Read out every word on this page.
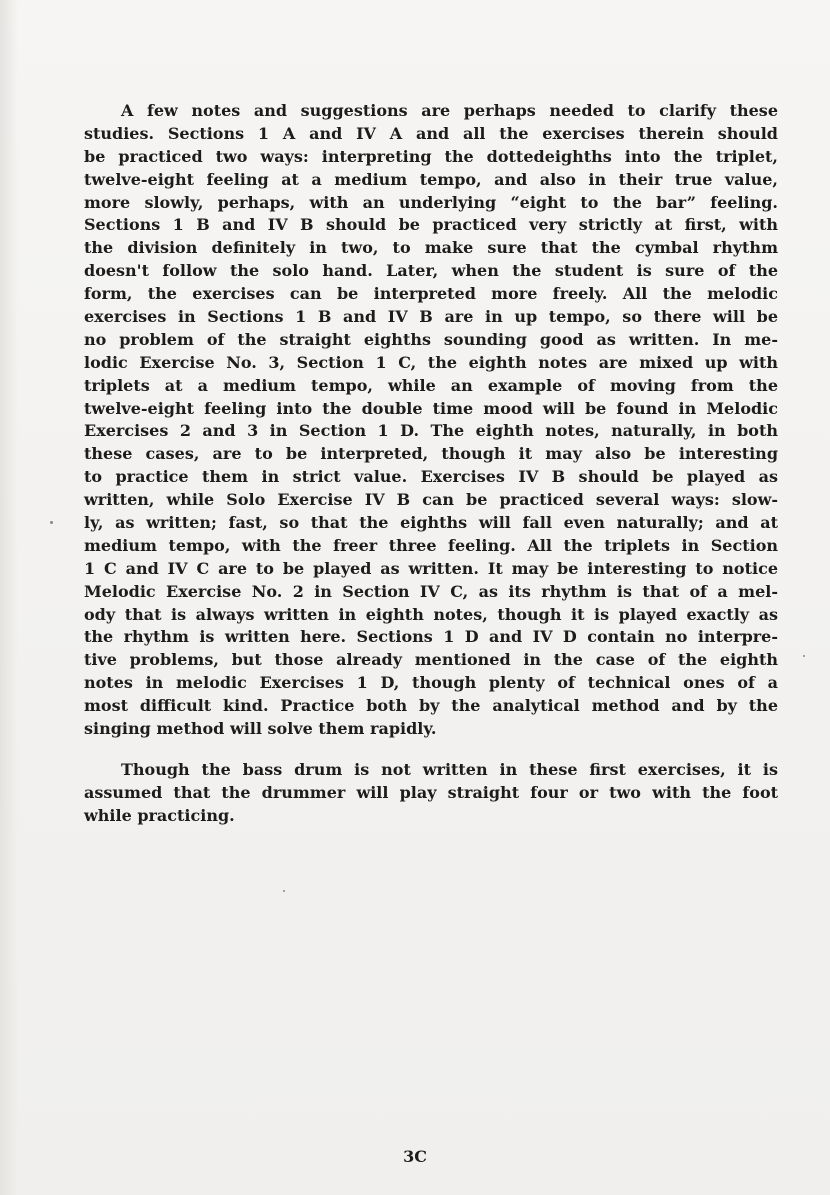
A few notes and suggestions are perhaps needed to clarify these
studies. Sections 1 A and IV A and all the exercises therein should
be practiced two ways: interpreting the dottedeighths into the triplet,
twelve-eight feeling at a medium tempo, and also in their true value,
more slowly, perhaps, with an underlying “eight to the bar” feeling.
Sections 1 B and IV B should be practiced very strictly at first, with
the division definitely in two, to make sure that the cymbal rhythm
doesn't follow the solo hand. Later, when the student is sure of the
form, the exercises can be interpreted more freely. All the melodic
exercises in Sections 1 B and IV B are in up tempo, so there will be
no problem of the straight eighths sounding good as written. In me-
lodic Exercise No. 3, Section 1 C, the eighth notes are mixed up with
triplets at a medium tempo, while an example of moving from the
twelve-eight feeling into the double time mood will be found in Melodic
Exercises 2 and 3 in Section 1 D. The eighth notes, naturally, in both
these cases, are to be interpreted, though it may also be interesting
to practice them in strict value. Exercises IV B should be played as
written, while Solo Exercise IV B can be practiced several ways: slow-
ly, as written; fast, so that the eighths will fall even naturally; and at
medium tempo, with the freer three feeling. All the triplets in Section
1 C and IV C are to be played as written. It may be interesting to notice
Melodic Exercise No. 2 in Section IV C, as its rhythm is that of a mel-
ody that is always written in eighth notes, though it is played exactly as
the rhythm is written here. Sections 1 D and IV D contain no interpre-
tive problems, but those already mentioned in the case of the eighth
notes in melodic Exercises 1 D, though plenty of technical ones of a
most difficult kind. Practice both by the analytical method and by the
singing method will solve them rapidly.
Though the bass drum is not written in these first exercises, it is
assumed that the drummer will play straight four or two with the foot
while practicing.
3C
